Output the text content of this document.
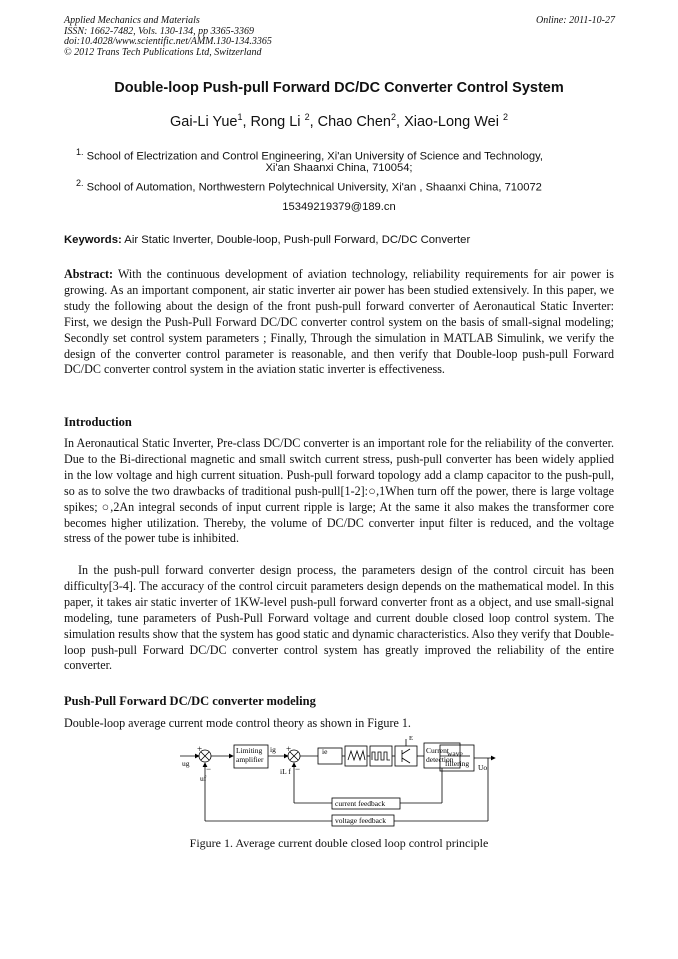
Applied Mechanics and Materials
ISSN: 1662-7482, Vols. 130-134, pp 3365-3369
doi:10.4028/www.scientific.net/AMM.130-134.3365
© 2012 Trans Tech Publications Ltd, Switzerland
Online: 2011-10-27
Double-loop Push-pull Forward DC/DC Converter Control System
Gai-Li Yue$^1$, Rong Li $^2$, Chao Chen$^2$, Xiao-Long Wei $^2$
$^{1.}$ School of Electrization and Control Engineering, Xi'an University of Science and Technology,
Xi'an Shaanxi China, 710054;
$^{2.}$ School of Automation, Northwestern Polytechnical University, Xi'an , Shaanxi China, 710072
15349219379@189.cn
Keywords: Air Static Inverter, Double-loop, Push-pull Forward, DC/DC Converter
Abstract: With the continuous development of aviation technology, reliability requirements for air power is growing. As an important component, air static inverter air power has been studied extensively. In this paper, we study the following about the design of the front push-pull forward converter of Aeronautical Static Inverter: First, we design the Push-Pull Forward DC/DC converter control system on the basis of small-signal modeling; Secondly set control system parameters ; Finally, Through the simulation in MATLAB Simulink, we verify the design of the converter control parameter is reasonable, and then verify that Double-loop push-pull Forward DC/DC converter control system in the aviation static inverter is effectiveness.
Introduction
In Aeronautical Static Inverter, Pre-class DC/DC converter is an important role for the reliability of the converter. Due to the Bi-directional magnetic and small switch current stress, push-pull converter has been widely applied in the low voltage and high current situation. Push-pull forward topology add a clamp capacitor to the push-pull, so as to solve the two drawbacks of traditional push-pull[1-2]:○,1When turn off the power, there is large voltage spikes; ○,2An integral seconds of input current ripple is large; At the same it also makes the transformer core becomes higher utilization. Thereby, the volume of DC/DC converter input filter is reduced, and the voltage stress of the power tube is inhibited.
In the push-pull forward converter design process, the parameters design of the control circuit has been difficulty[3-4]. The accuracy of the control circuit parameters design depends on the mathematical model. In this paper, it takes air static inverter of 1KW-level push-pull forward converter front as a object, and use small-signal modeling, tune parameters of Push-Pull Forward voltage and current double closed loop control system. The simulation results show that the system has good static and dynamic characteristics. Also they verify that Double-loop push-pull Forward DC/DC converter control system has greatly improved the reliability of the entire converter.
Push-Pull Forward DC/DC converter modeling
Double-loop average current mode control theory as shown in Figure 1.
+
−
+
−
ug
uf
Limiting
amplifier
ig
iL f
ie
E
Current
detection
wave
filtering Uo
current feedback
voltage feedback
Figure 1. Average current double closed loop control principle
